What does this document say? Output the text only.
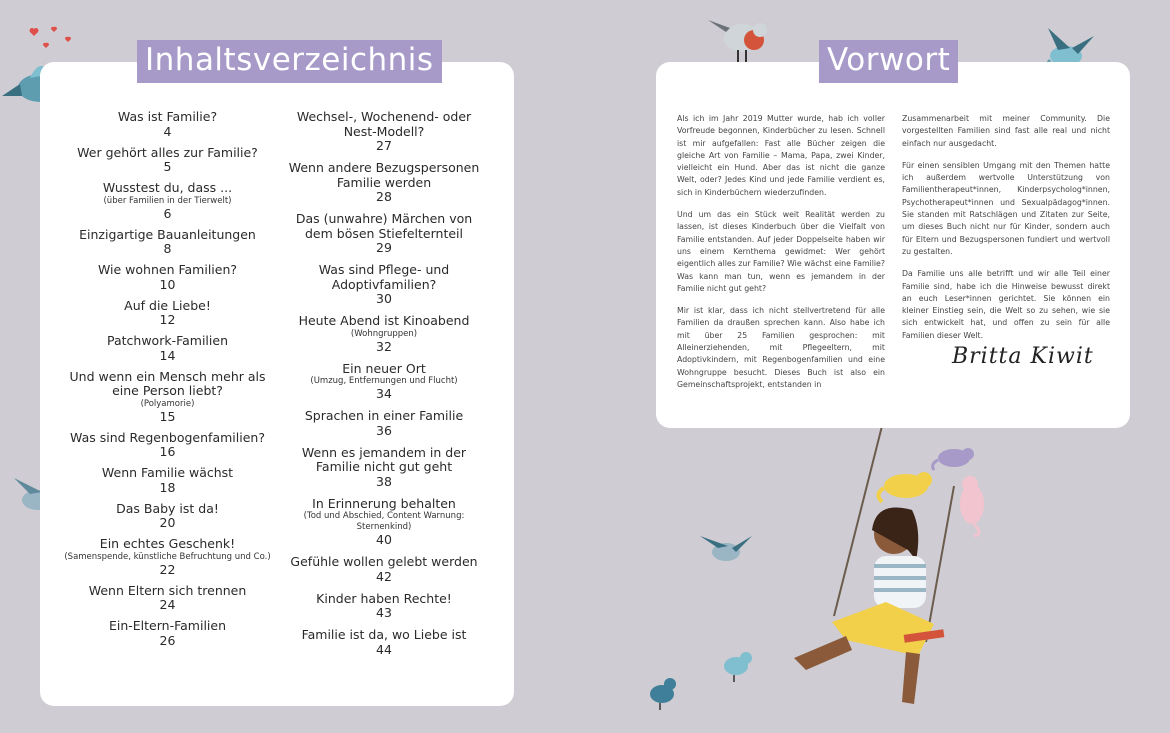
Inhaltsverzeichnis
Was ist Familie?
4
Wer gehört alles zur Familie?
5
Wusstest du, dass ...
(über Familien in der Tierwelt)
6
Einzigartige Bauanleitungen
8
Wie wohnen Familien?
10
Auf die Liebe!
12
Patchwork-Familien
14
Und wenn ein Mensch mehr als eine Person liebt?
(Polyamorie)
15
Was sind Regenbogenfamilien?
16
Wenn Familie wächst
18
Das Baby ist da!
20
Ein echtes Geschenk!
(Samenspende, künstliche Befruchtung und Co.)
22
Wenn Eltern sich trennen
24
Ein-Eltern-Familien
26
Wechsel-, Wochenend- oder Nest-Modell?
27
Wenn andere Bezugspersonen Familie werden
28
Das (unwahre) Märchen von dem bösen Stiefelternteil
29
Was sind Pflege- und Adoptivfamilien?
30
Heute Abend ist Kinoabend
(Wohngruppen)
32
Ein neuer Ort
(Umzug, Entfernungen und Flucht)
34
Sprachen in einer Familie
36
Wenn es jemandem in der Familie nicht gut geht
38
In Erinnerung behalten
(Tod und Abschied, Content Warnung: Sternenkind)
40
Gefühle wollen gelebt werden
42
Kinder haben Rechte!
43
Familie ist da, wo Liebe ist
44
Vorwort

Als ich im Jahr 2019 Mutter wurde, hab ich voller Vorfreude begonnen, Kinderbücher zu lesen. Schnell ist mir aufgefallen: Fast alle Bücher zeigen die gleiche Art von Familie – Mama, Papa, zwei Kinder, vielleicht ein Hund. Aber das ist nicht die ganze Welt, oder? Jedes Kind und jede Familie verdient es, sich in Kinderbüchern wiederzufinden.

Und um das ein Stück weit Realität werden zu lassen, ist dieses Kinderbuch über die Vielfalt von Familie entstanden. Auf jeder Doppelseite haben wir uns einem Kernthema gewidmet: Wer gehört eigentlich alles zur Familie? Wie wächst eine Familie? Was kann man tun, wenn es jemandem in der Familie nicht gut geht?

Mir ist klar, dass ich nicht stellvertretend für alle Familien da draußen sprechen kann. Also habe ich mit über 25 Familien gesprochen: mit Alleinerziehenden, mit Pflegeeltern, mit Adoptivkindern, mit Regenbogenfamilien und eine Wohngruppe besucht. Dieses Buch ist also ein Gemeinschaftsprojekt, entstanden in

Zusammenarbeit mit meiner Community. Die vorgestellten Familien sind fast alle real und nicht einfach nur ausgedacht.

Für einen sensiblen Umgang mit den Themen hatte ich außerdem wertvolle Unterstützung von Familientherapeut*innen, Kinderpsycholog*innen, Psychotherapeut*innen und Sexualpädagog*innen. Sie standen mit Ratschlägen und Zitaten zur Seite, um dieses Buch nicht nur für Kinder, sondern auch für Eltern und Bezugspersonen fundiert und wertvoll zu gestalten.

Da Familie uns alle betrifft und wir alle Teil einer Familie sind, habe ich die Hinweise bewusst direkt an euch Leser*innen gerichtet. Sie können ein kleiner Einstieg sein, die Welt so zu sehen, wie sie sich entwickelt hat, und offen zu sein für alle Familien dieser Welt.

Britta Kiwit
